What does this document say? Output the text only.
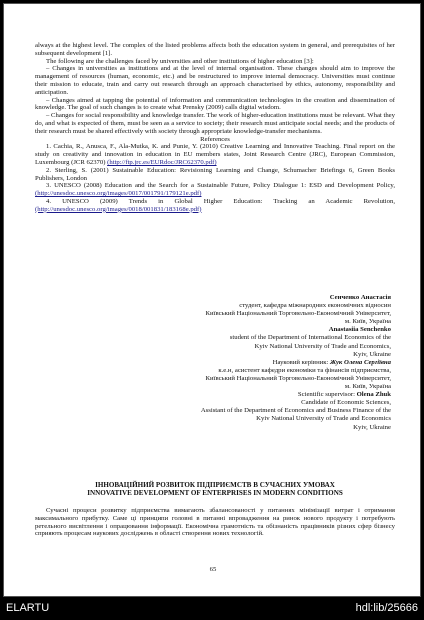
always at the highest level. The complex of the listed problems affects both the education system in general, and prerequisites of her subsequent development [1].

The following are the challenges faced by universities and other institutions of higher education [3]:

– Changes in universities as institutions and at the level of internal organisation. These changes should aim to improve the management of resources (human, economic, etc.) and be restructured to improve internal democracy. Universities must continue their mission to educate, train and carry out research through an approach characterised by ethics, autonomy, responsibility and anticipation.

– Changes aimed at tapping the potential of information and communication technologies in the creation and dissemination of knowledge. The goal of such changes is to create what Prensky (2009) calls digital wisdom.

– Changes for social responsibility and knowledge transfer. The work of higher-education institutions must be relevant. What they do, and what is expected of them, must be seen as a service to society; their research must anticipate social needs; and the products of their research must be shared effectively with society through appropriate knowledge-transfer mechanisms.

References

1. Cachia, R., Anusca, F., Ala-Mutka, K. and Punie, Y. (2010) Creative Learning and Innovative Teaching. Final report on the study on creativity and innovation in education in EU members states, Joint Research Centre (JRC), European Commission, Luxembourg (JCR 62370) (http://ftp.jrc.es/EURdoc/JRC62370.pdf)

2. Sterling, S. (2001) Sustainable Education: Revisioning Learning and Change, Schumacher Briefings 6, Green Books Publishers, London

3. UNESCO (2008) Education and the Search for a Sustainable Future, Policy Dialogue 1: ESD and Development Policy, (http://unesdoc.unesco.org/images/0017/001791/179121e.pdf)

4. UNESCO (2009) Trends in Global Higher Education: Tracking an Academic Revolution, (http://unesdoc.unesco.org/images/0018/001831/183168e.pdf)

Сенченко Анастасія

студент, кафедра міжнародних економічних відносин

Київський Національний Торговельно-Економічний Університет,

м. Київ, Україна

Anastasiia Senchenko

student of the Department of International Economics of the

Kyiv National University of Trade and Economics,

Kyiv, Ukraine

Науковий керівник: Жук Олена Сергіївна

к.е.н, асистент кафедри економіки та фінансів підприємства,

Київський Національний Торговельно-Економічний Університет,

м. Київ, Україна

Scientific supervisor: Olena Zhuk

Candidate of Economic Sciences,

Assistant of the Department of Economics and Business Finance of the

Kyiv National University of Trade and Economics

Kyiv, Ukraine

ІННОВАЦІЙНИЙ РОЗВИТОК ПІДПРИЄМСТВ В СУЧАСНИХ УМОВАХ
INNOVATIVE DEVELOPMENT OF ENTERPRISES IN MODERN CONDITIONS

Сучасні процеси розвитку підприємства вимагають збалансованості у питаннях мінімізації витрат і отримання максимального прибутку. Саме ці принципи головні в питанні впровадження на ринок нового продукту і потребують ретельного висвітлення і опрацювання інформації. Економічна грамотність та обізнаність працівників різних сфер бізнесу сприяють процесам наукових досліджень в області створення нових технологій.

65
ELARTU	hdl:lib/25666
